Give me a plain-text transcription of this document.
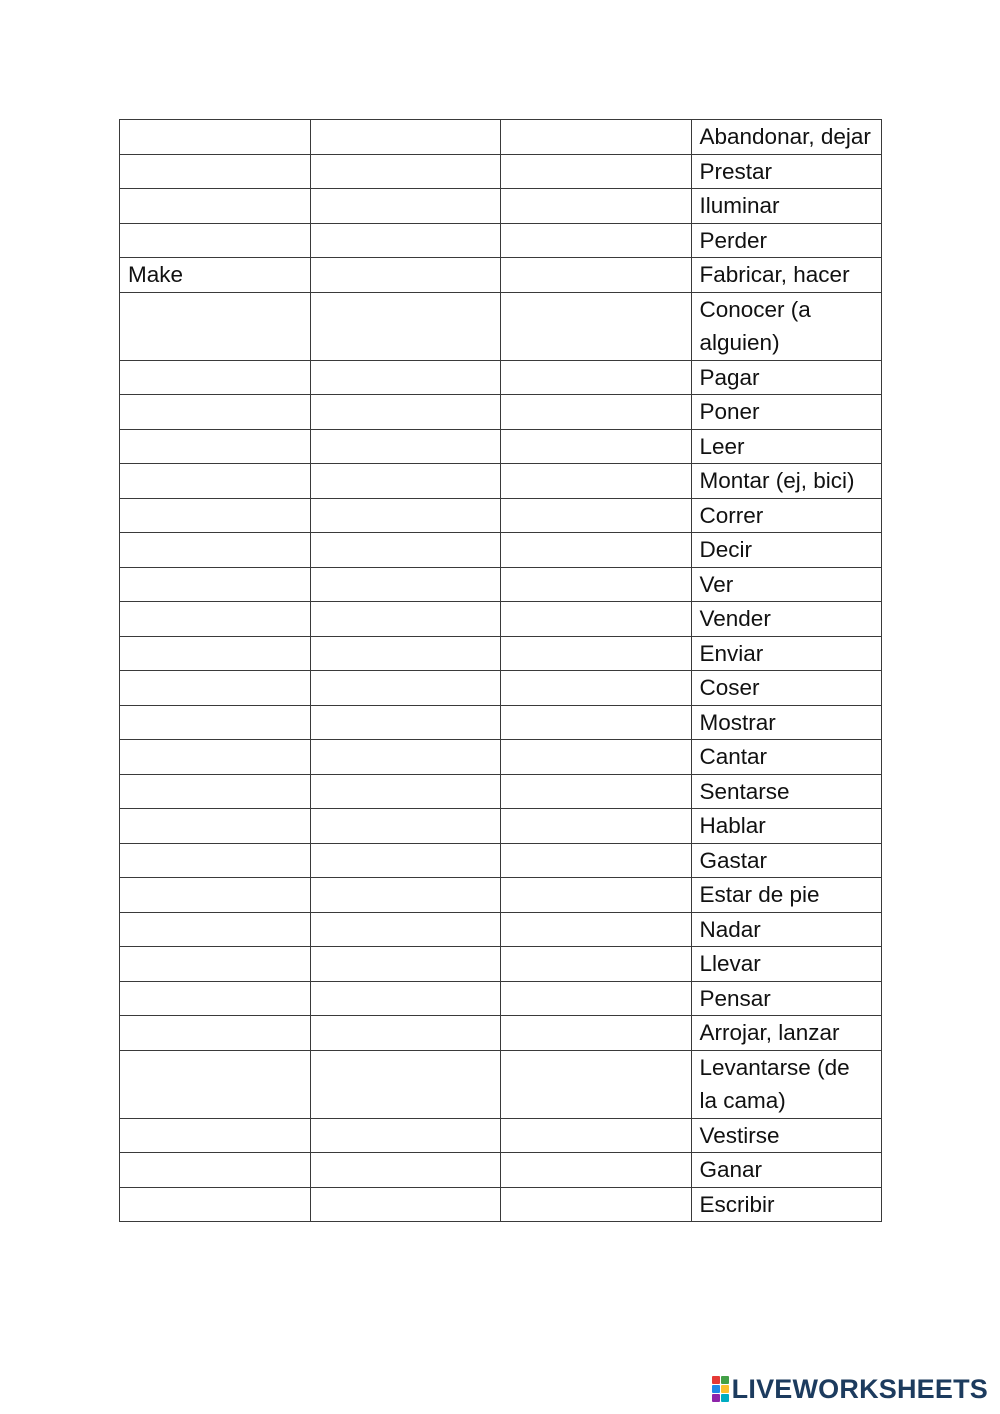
			Abandonar, dejar
			Prestar
			Iluminar
			Perder
Make			Fabricar, hacer
			Conocer (a alguien)
			Pagar
			Poner
			Leer
			Montar (ej, bici)
			Correr
			Decir
			Ver
			Vender
			Enviar
			Coser
			Mostrar
			Cantar
			Sentarse
			Hablar
			Gastar
			Estar de pie
			Nadar
			Llevar
			Pensar
			Arrojar, lanzar
			Levantarse (de la cama)
			Vestirse
			Ganar
			Escribir
LIVEWORKSHEETS
